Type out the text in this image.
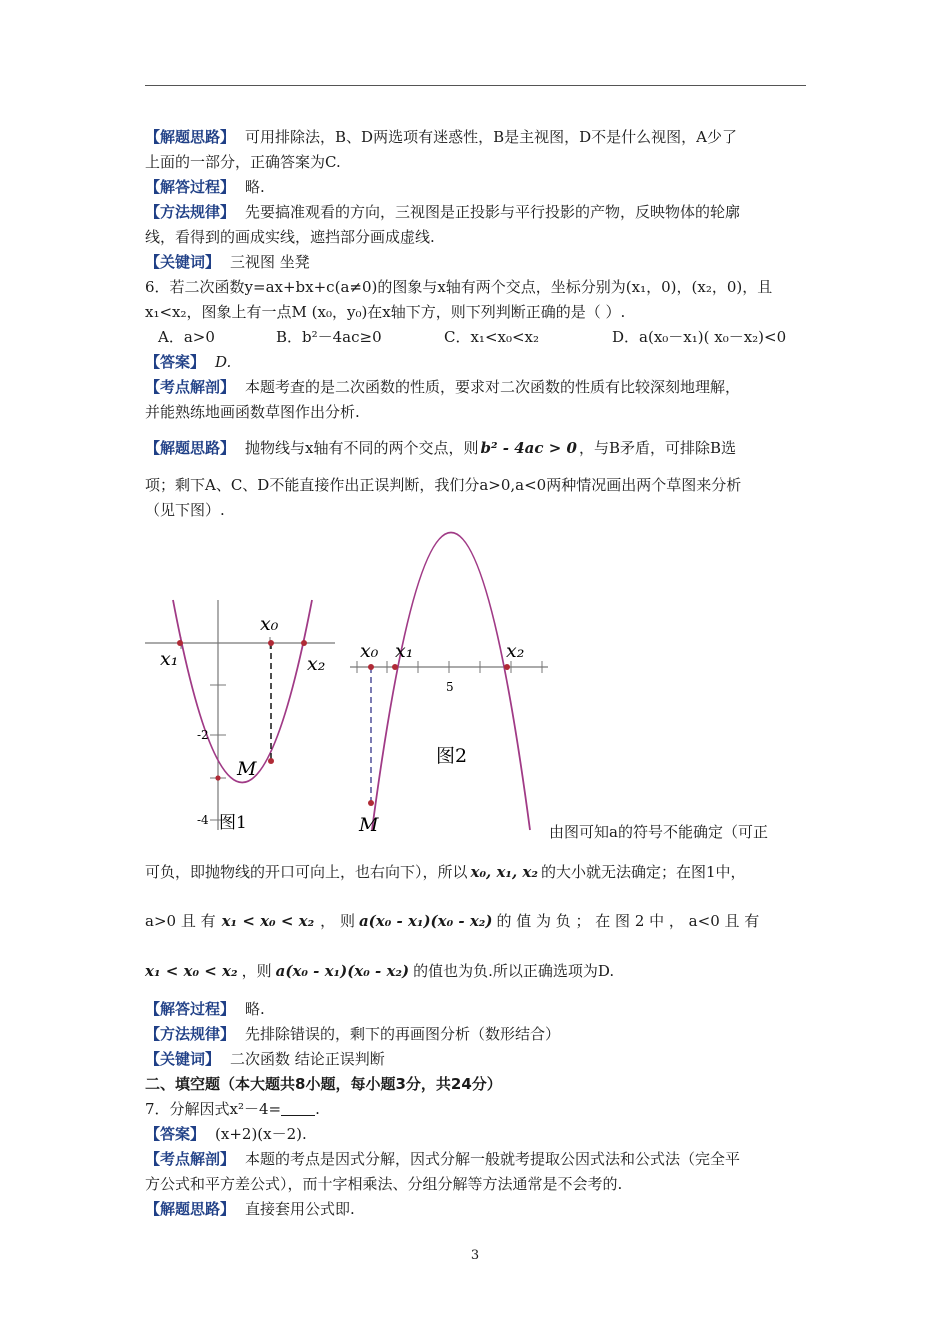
【解题思路】 可用排除法，B、D两选项有迷惑性，B是主视图，D不是什么视图，A少了
上面的一部分，正确答案为C.
【解答过程】 略.
【方法规律】 先要搞准观看的方向，三视图是正投影与平行投影的产物，反映物体的轮廓
线，看得到的画成实线，遮挡部分画成虚线.
【关键词】 三视图 坐凳
6．若二次函数y=ax+bx+c(a≠0)的图象与x轴有两个交点，坐标分别为(x₁，0)，(x₂，0)，且
x₁<x₂，图象上有一点M (x₀，y₀)在x轴下方，则下列判断正确的是（ ）.
A．a>0	B．b²－4ac≥0	C．x₁<x₀<x₂	D．a(x₀－x₁)( x₀－x₂)<0
【答案】 D.
【考点解剖】 本题考查的是二次函数的性质，要求对二次函数的性质有比较深刻地理解，
并能熟练地画函数草图作出分析.
【解题思路】 抛物线与x轴有不同的两个交点，则 b² - 4ac > 0 ，与B矛盾，可排除B选
项；剩下A、C、D不能直接作出正误判断，我们分a>0,a<0两种情况画出两个草图来分析
（见下图）.
x₁
x₀
x₂
M
-2
-4 图1
x₀ x₁	x₂
5
图2
M	由图可知a的符号不能确定（可正
可负，即抛物线的开口可向上，也右向下），所以 x₀, x₁, x₂ 的大小就无法确定；在图1中，
a>0 且 有 x₁ < x₀ < x₂ ， 则 a(x₀ - x₁)(x₀ - x₂) 的 值 为 负 ； 在 图 2 中 ， a<0 且 有
x₁ < x₀ < x₂ ，则 a(x₀ - x₁)(x₀ - x₂) 的值也为负.所以正确选项为D.
【解答过程】 略.
【方法规律】 先排除错误的，剩下的再画图分析（数形结合）
【关键词】 二次函数 结论正误判断
二、填空题（本大题共8小题，每小题3分，共24分）
7．分解因式x²－4= .
【答案】 (x+2)(x－2).
【考点解剖】 本题的考点是因式分解，因式分解一般就考提取公因式法和公式法（完全平
方公式和平方差公式），而十字相乘法、分组分解等方法通常是不会考的.
【解题思路】 直接套用公式即.
3
